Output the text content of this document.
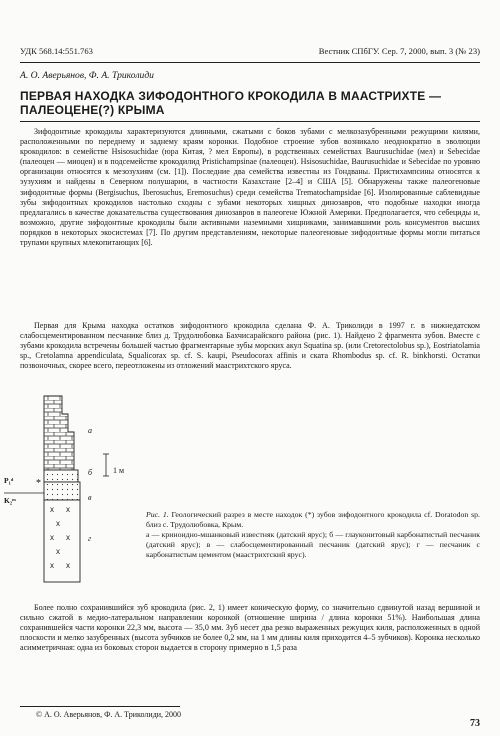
УДК 568.14:551.763	Вестник СПбГУ. Сер. 7, 2000, вып. 3 (№ 23)
А. О. Аверьянов, Ф. А. Триколиди
ПЕРВАЯ НАХОДКА ЗИФОДОНТНОГО КРОКОДИЛА В МААСТРИХТЕ — ПАЛЕОЦЕНЕ(?) КРЫМА

Зифодонтные крокодилы характеризуются длинными, сжатыми с боков зубами с мелкозазубренными режущими килями, расположенными по переднему и заднему краям коронки. Подобное строение зубов возникало неоднократно в эволюции крокодилов: в семействе Hsisosuchidae (юра Китая, ? мел Европы), в родственных семействах Baurusuchidae (мел) и Sebecidae (палеоцен — миоцен) и в подсемействе крокодилид Pristichampsinae (палеоцен). Hsisosuchidae, Baurusuchidae и Sebecidae по уровню организации относятся к мезозухиям (см. [1]). Последние два семейства известны из Гондваны. Пристихампсины относятся к эузухиям и найдены в Северном полушарии, в частности Казахстане [2–4] и США [5]. Обнаружены также палеогеновые зифодонтные формы (Bergisuchus, Iberosuchus, Eremosuchus) среди семейства Trematochampsidae [6]. Изолированные саблевидные зубы зифодонтных крокодилов настолько сходны с зубами некоторых хищных динозавров, что подобные находки иногда предлагались в качестве доказательства существования динозавров в палеогене Южной Америки. Предполагается, что себециды и, возможно, другие зифодонтные крокодилы были активными наземными хищниками, занимавшими роль консументов высших порядков в некоторых экосистемах [7]. По другим представлениям, некоторые палеогеновые зифодонтные формы могли питаться трупами крупных млекопитающих [6].

Первая для Крыма находка остатков зифодонтного крокодила сделана Ф. А. Триколиди в 1997 г. в нижнедатском слабосцементированном песчанике близ д. Трудолюбовка Бахчисарайского района (рис. 1). Найдено 2 фрагмента зубов. Вместе с зубами крокодила встречены большей частью фрагментарные зубы морских акул Squatina sp. (или Cretorectolobus sp.), Eostriatolamia sp., Cretolamna appendiculata, Squalicorax sp. cf. S. kaupi, Pseudocorax affinis и ската Rhombodus sp. cf. R. binkhorsti. Остатки позвоночных, скорее всего, переотложены из отложений маастрихтского яруса.

х х
х
х х
х
х х
*
а
б
в
г
1 м
P₁ᵈ
K₂ᵐ

Рис. 1. Геологический разрез в месте находок (*) зубов зифодонтного крокодила cf. Doratodon sp. близ с. Трудолюбовка, Крым.
а — криноидно-мшанковый известняк (датский ярус); б — глауконитовый карбонатистый песчаник (датский ярус); в — слабосцементированный песчаник (датский ярус); г — песчаник с карбонатистым цементом (маастрихтский ярус).

Более полно сохранившийся зуб крокодила (рис. 2, 1) имеет коническую форму, со значительно сдвинутой назад вершиной и сильно сжатой в медио-латеральном направлении коронкой (отношение ширина / длина коронки 51%). Наибольшая длина сохранившейся части коронки 22,3 мм, высота — 35,0 мм. Зуб несет два резко выраженных режущих киля, расположенных в одной плоскости и мелко зазубренных (высота зубчиков не более 0,2 мм, на 1 мм длины киля приходится 4–5 зубчиков). Коронка несколько асимметричная: одна из боковых сторон выдается в сторону примерно в 1,5 раза

© А. О. Аверьянов, Ф. А. Триколиди, 2000
73
